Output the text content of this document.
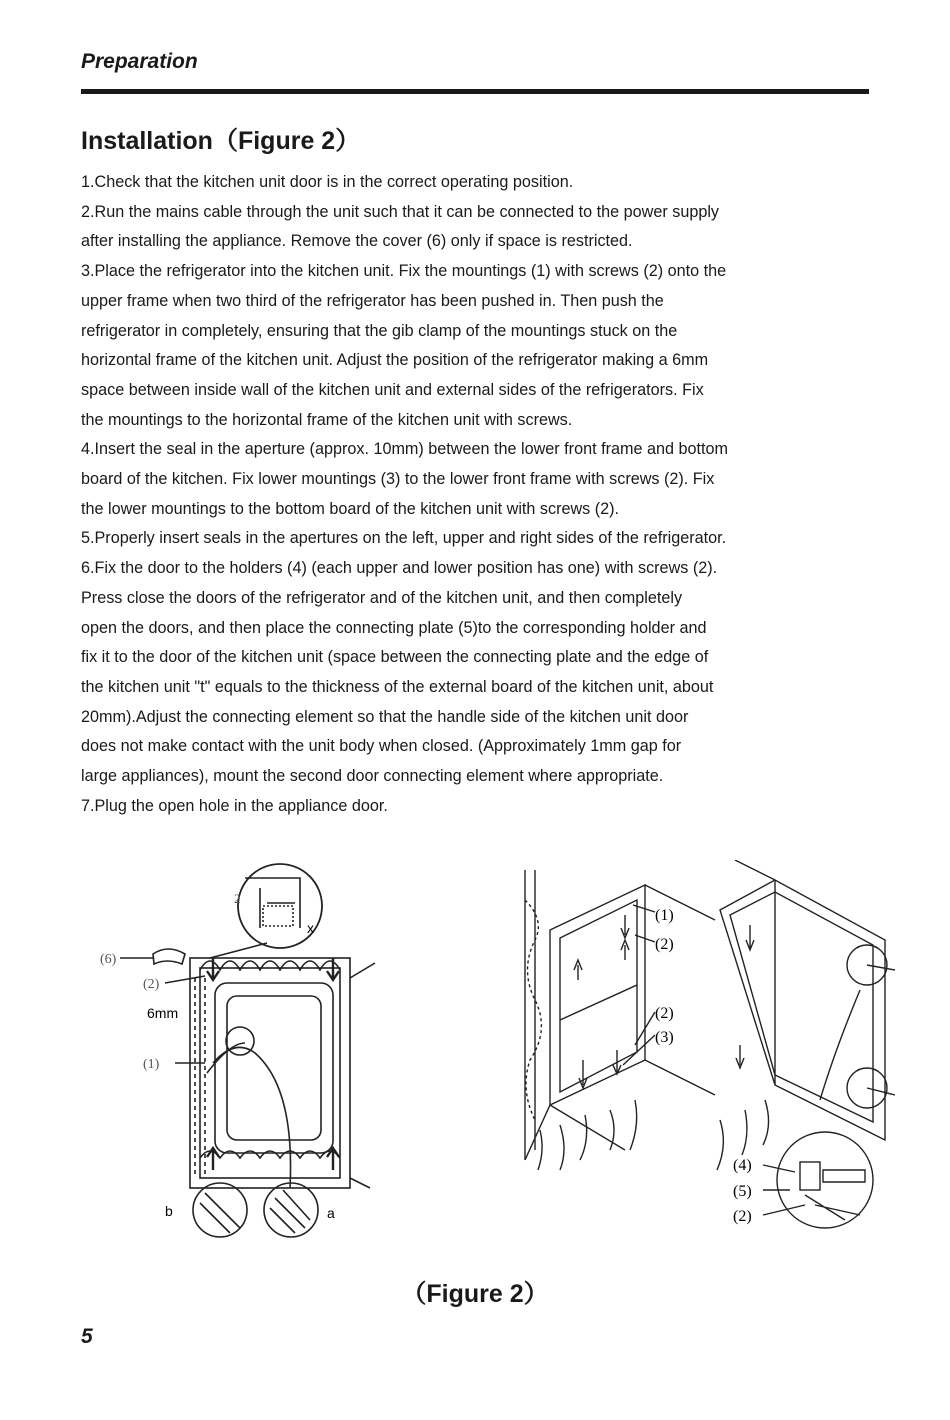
Preparation
Installation（Figure 2）
1.Check that the kitchen unit door is in the correct operating position.
2.Run the mains cable through the unit such that it can be connected to the power supply
after installing the appliance. Remove the cover (6) only if space is restricted.
3.Place the refrigerator into the kitchen unit. Fix the mountings (1) with screws (2) onto the
upper frame when two third of the refrigerator has been pushed in. Then push the
refrigerator in completely, ensuring that the gib clamp of the mountings stuck on the
horizontal frame of the kitchen unit. Adjust the position of the refrigerator making a 6mm
space between inside wall of the kitchen unit and external sides of the refrigerators. Fix
the mountings to the horizontal frame of the kitchen unit with screws.
4.Insert the seal in the aperture (approx. 10mm) between the lower front frame and bottom
board of the kitchen. Fix lower mountings (3) to the lower front frame with screws (2). Fix
the lower mountings to the bottom board of the kitchen unit with screws (2).
5.Properly insert seals in the apertures on the left, upper and right sides of the refrigerator.
6.Fix the door to the holders (4) (each upper and lower position has one) with screws (2).
Press close the doors of the refrigerator and of the kitchen unit, and then completely
open the doors, and then place the connecting plate (5)to the corresponding holder and
fix it to the door of the kitchen unit (space between the connecting plate and the edge of
the kitchen unit "t" equals to the thickness of the external board of the kitchen unit, about
20mm).Adjust the connecting element so that the handle side of the kitchen unit door
does not make contact with the unit body when closed. (Approximately 1mm gap for
large appliances), mount the second door connecting element where appropriate.
7.Plug the open hole in the appliance door.
(6)
(2)
6mm
(1)
2
x
b	a
(1)
(2)
(2)
(3)
(4)
(5)
(2)

（Figure 2）

5
